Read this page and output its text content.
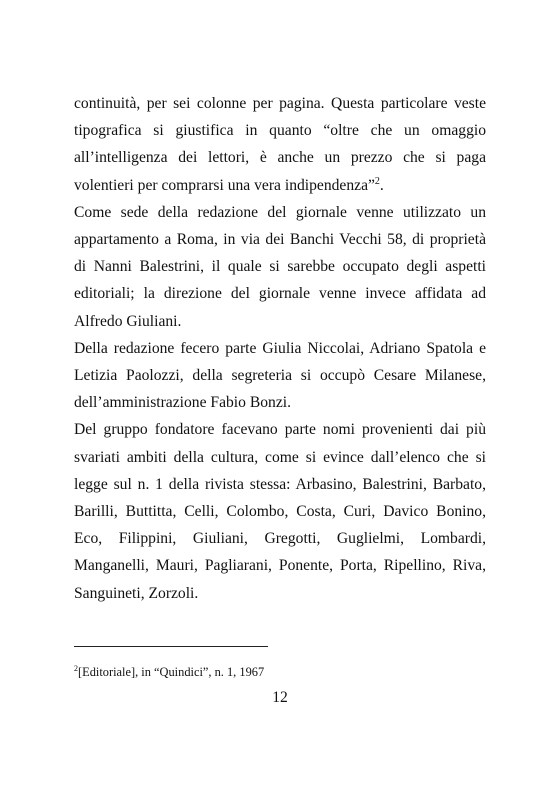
continuità, per sei colonne per pagina. Questa particolare veste tipografica si giustifica in quanto “oltre che un omaggio all’intelligenza dei lettori, è anche un prezzo che si paga volentieri per comprarsi una vera indipendenza”$^2$.

Come sede della redazione del giornale venne utilizzato un appartamento a Roma, in via dei Banchi Vecchi 58, di proprietà di Nanni Balestrini, il quale si sarebbe occupato degli aspetti editoriali; la direzione del giornale venne invece affidata ad Alfredo Giuliani.

Della redazione fecero parte Giulia Niccolai, Adriano Spatola e Letizia Paolozzi, della segreteria si occupò Cesare Milanese, dell’amministrazione Fabio Bonzi.

Del gruppo fondatore facevano parte nomi provenienti dai più svariati ambiti della cultura, come si evince dall’elenco che si legge sul n. 1 della rivista stessa: Arbasino, Balestrini, Barbato, Barilli, Buttitta, Celli, Colombo, Costa, Curi, Davico Bonino, Eco, Filippini, Giuliani, Gregotti, Guglielmi, Lombardi, Manganelli, Mauri, Pagliarani, Ponente, Porta, Ripellino, Riva, Sanguineti, Zorzoli.

$^2$[Editoriale], in “Quindici”, n. 1, 1967
12
